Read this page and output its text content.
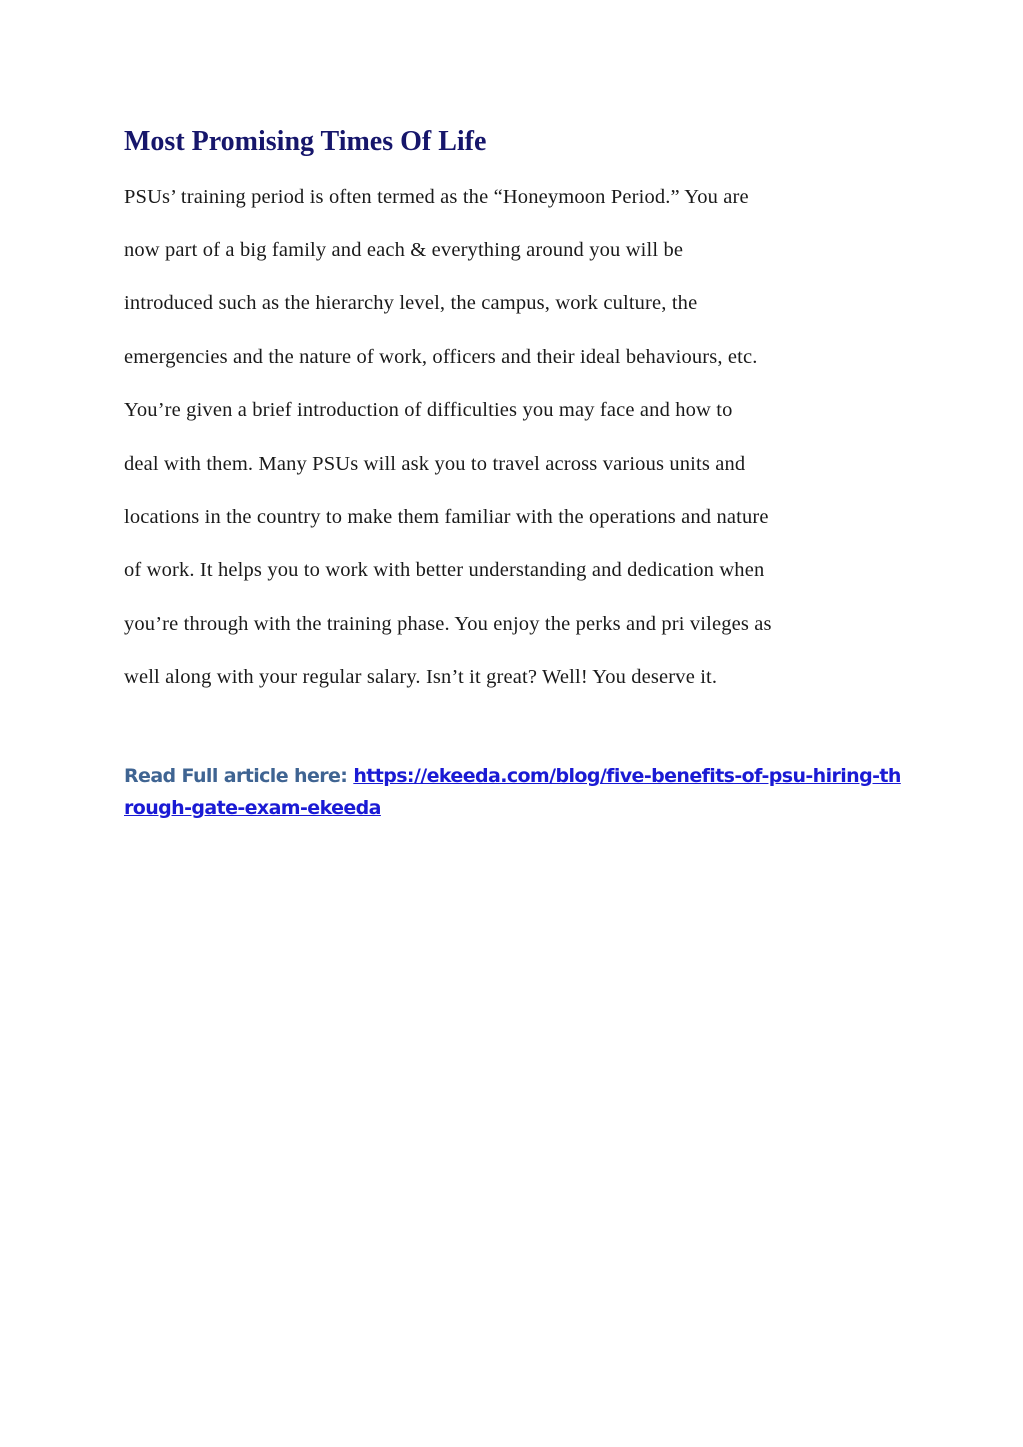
Most Promising Times Of Life

PSUs’ training period is often termed as the “Honeymoon Period.” You are

now part of a big family and each & everything around you will be

introduced such as the hierarchy level, the campus, work culture, the

emergencies and the nature of work, officers and their ideal behaviours, etc.

You’re given a brief introduction of difficulties you may face and how to

deal with them. Many PSUs will ask you to travel across various units and

locations in the country to make them familiar with the operations and nature

of work. It helps you to work with better understanding and dedication when

you’re through with the training phase. You enjoy the perks and pri vileges as

well along with your regular salary. Isn’t it great? Well! You deserve it.

Read Full article here: https://ekeeda.com/blog/five-benefits-of-psu-hiring-through-gate-exam-ekeeda
